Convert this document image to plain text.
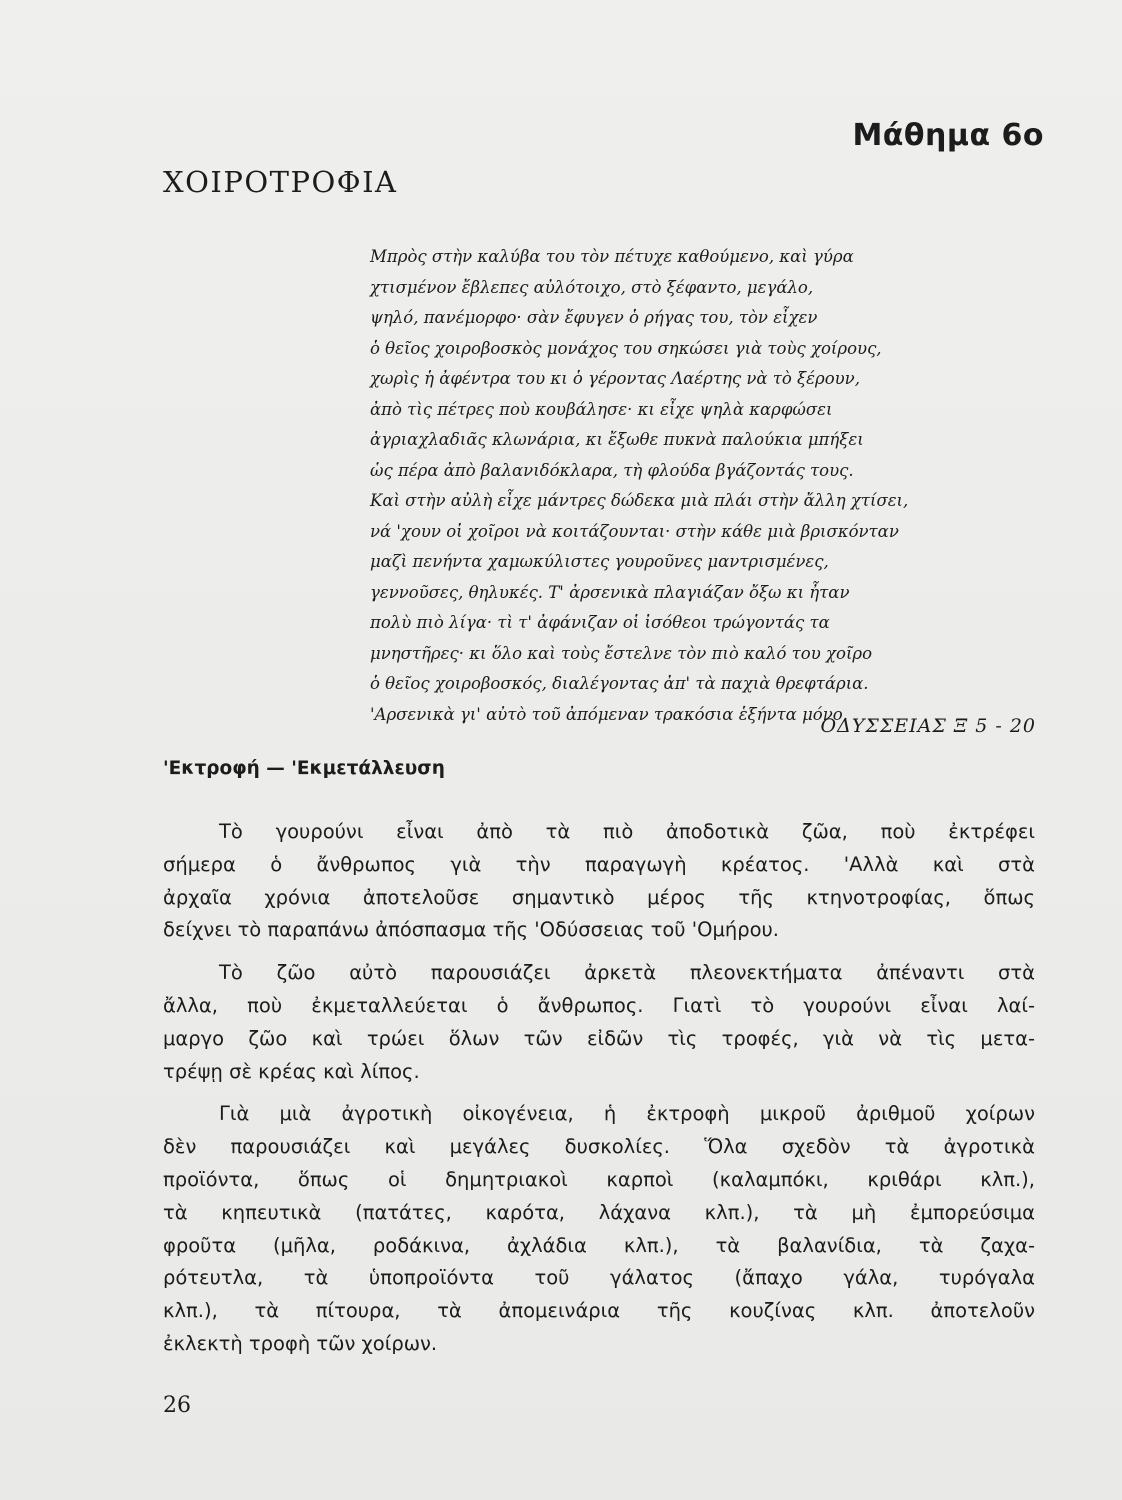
Μάθημα 6ο
ΧΟΙΡΟΤΡΟΦΙΑ
Μπρὸς στὴν καλύβα του τὸν πέτυχε καθούμενο, καὶ γύρα
χτισμένον ἔβλεπες αὐλότοιχο, στὸ ξέφαντο, μεγάλο,
ψηλό, πανέμορφο· σὰν ἔφυγεν ὁ ρήγας του, τὸν εἶχεν
ὁ θεῖος χοιροβοσκὸς μονάχος του σηκώσει γιὰ τοὺς χοίρους,
χωρὶς ἡ ἀφέντρα του κι ὁ γέροντας Λαέρτης νὰ τὸ ξέρουν,
ἀπὸ τὶς πέτρες ποὺ κουβάλησε· κι εἶχε ψηλὰ καρφώσει
ἀγριαχλαδιᾶς κλωνάρια, κι ἔξωθε πυκνὰ παλούκια μπήξει
ὡς πέρα ἀπὸ βαλανιδόκλαρα, τὴ φλούδα βγάζοντάς τους.
Καὶ στὴν αὐλὴ εἶχε μάντρες δώδεκα μιὰ πλάι στὴν ἄλλη χτίσει,
νά 'χουν οἱ χοῖροι νὰ κοιτάζουνται· στὴν κάθε μιὰ βρισκόνταν
μαζὶ πενήντα χαμωκύλιστες γουροῦνες μαντρισμένες,
γεννοῦσες, θηλυκές. Τ' ἀρσενικὰ πλαγιάζαν ὄξω κι ἦταν
πολὺ πιὸ λίγα· τὶ τ' ἀφάνιζαν οἱ ἰσόθεοι τρώγοντάς τα
μνηστῆρες· κι ὅλο καὶ τοὺς ἔστελνε τὸν πιὸ καλό του χοῖρο
ὁ θεῖος χοιροβοσκός, διαλέγοντας ἀπ' τὰ παχιὰ θρεφτάρια.
'Αρσενικὰ γι' αὐτὸ τοῦ ἀπόμεναν τρακόσια ἑξήντα μόνο.
ΟΔΥΣΣΕΙΑΣ Ξ 5 - 20
'Εκτροφή — 'Εκμετάλλευση
Τὸ γουρούνι εἶναι ἀπὸ τὰ πιὸ ἀποδοτικὰ ζῶα, ποὺ ἐκτρέφει
σήμερα ὁ ἄνθρωπος γιὰ τὴν παραγωγὴ κρέατος. 'Αλλὰ καὶ στὰ
ἀρχαῖα χρόνια ἀποτελοῦσε σημαντικὸ μέρος τῆς κτηνοτροφίας, ὅπως
δείχνει τὸ παραπάνω ἀπόσπασμα τῆς 'Οδύσσειας τοῦ 'Ομήρου.
Τὸ ζῶο αὐτὸ παρουσιάζει ἀρκετὰ πλεονεκτήματα ἀπέναντι στὰ
ἄλλα, ποὺ ἐκμεταλλεύεται ὁ ἄνθρωπος. Γιατὶ τὸ γουρούνι εἶναι λαί-
μαργο ζῶο καὶ τρώει ὅλων τῶν εἰδῶν τὶς τροφές, γιὰ νὰ τὶς μετα-
τρέψῃ σὲ κρέας καὶ λίπος.
Γιὰ μιὰ ἀγροτικὴ οἰκογένεια, ἡ ἐκτροφὴ μικροῦ ἀριθμοῦ χοίρων
δὲν παρουσιάζει καὶ μεγάλες δυσκολίες. Ὅλα σχεδὸν τὰ ἀγροτικὰ
προϊόντα, ὅπως οἱ δημητριακοὶ καρποὶ (καλαμπόκι, κριθάρι κλπ.),
τὰ κηπευτικὰ (πατάτες, καρότα, λάχανα κλπ.), τὰ μὴ ἐμπορεύσιμα
φροῦτα (μῆλα, ροδάκινα, ἀχλάδια κλπ.), τὰ βαλανίδια, τὰ ζαχα-
ρότευτλα, τὰ ὑποπροϊόντα τοῦ γάλατος (ἄπαχο γάλα, τυρόγαλα
κλπ.), τὰ πίτουρα, τὰ ἀπομεινάρια τῆς κουζίνας κλπ. ἀποτελοῦν
ἐκλεκτὴ τροφὴ τῶν χοίρων.
26
